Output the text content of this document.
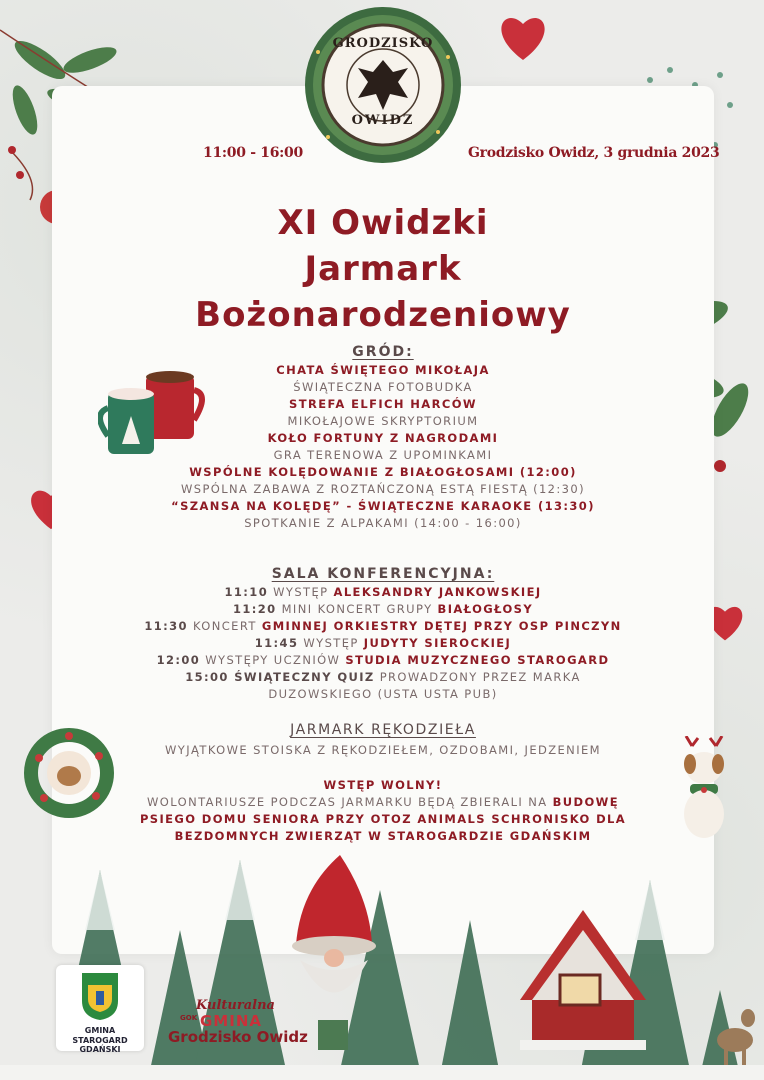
GRODZISKO
OWIDZ
11:00 - 16:00	Grodzisko Owidz, 3 grudnia 2023
XI Owidzki
Jarmark
Bożonarodzeniowy
GRÓD:
CHATA ŚWIĘTEGO MIKOŁAJA
ŚWIĄTECZNA FOTOBUDKA
STREFA ELFICH HARCÓW
MIKOŁAJOWE SKRYPTORIUM
KOŁO FORTUNY Z NAGRODAMI
GRA TERENOWA Z UPOMINKAMI
WSPÓLNE KOLĘDOWANIE Z BIAŁOGŁOSAMI (12:00)
WSPÓLNA ZABAWA Z ROZTAŃCZONĄ ESTĄ FIESTĄ (12:30)
“SZANSA NA KOLĘDĘ” - ŚWIĄTECZNE KARAOKE (13:30)
SPOTKANIE Z ALPAKAMI (14:00 - 16:00)
SALA KONFERENCYJNA:
11:10 WYSTĘP ALEKSANDRY JANKOWSKIEJ
11:20 MINI KONCERT GRUPY BIAŁOGŁOSY
11:30 KONCERT GMINNEJ ORKIESTRY DĘTEJ PRZY OSP PINCZYN
11:45 WYSTĘP JUDYTY SIEROCKIEJ
12:00 WYSTĘPY UCZNIÓW STUDIA MUZYCZNEGO STAROGARD
15:00 ŚWIĄTECZNY QUIZ PROWADZONY PRZEZ MARKA
DUZOWSKIEGO (USTA USTA PUB)
JARMARK RĘKODZIEŁA
WYJĄTKOWE STOISKA Z RĘKODZIEŁEM, OZDOBAMI, JEDZENIEM
WSTĘP WOLNY!
WOLONTARIUSZE PODCZAS JARMARKU BĘDĄ ZBIERALI NA BUDOWĘ
PSIEGO DOMU SENIORA PRZY OTOZ ANIMALS SCHRONISKO DLA
BEZDOMNYCH ZWIERZĄT W STAROGARDZIE GDAŃSKIM
GMINA
STAROGARD GDAŃSKI
Kulturalna
GOK GMINA
Grodzisko Owidz
